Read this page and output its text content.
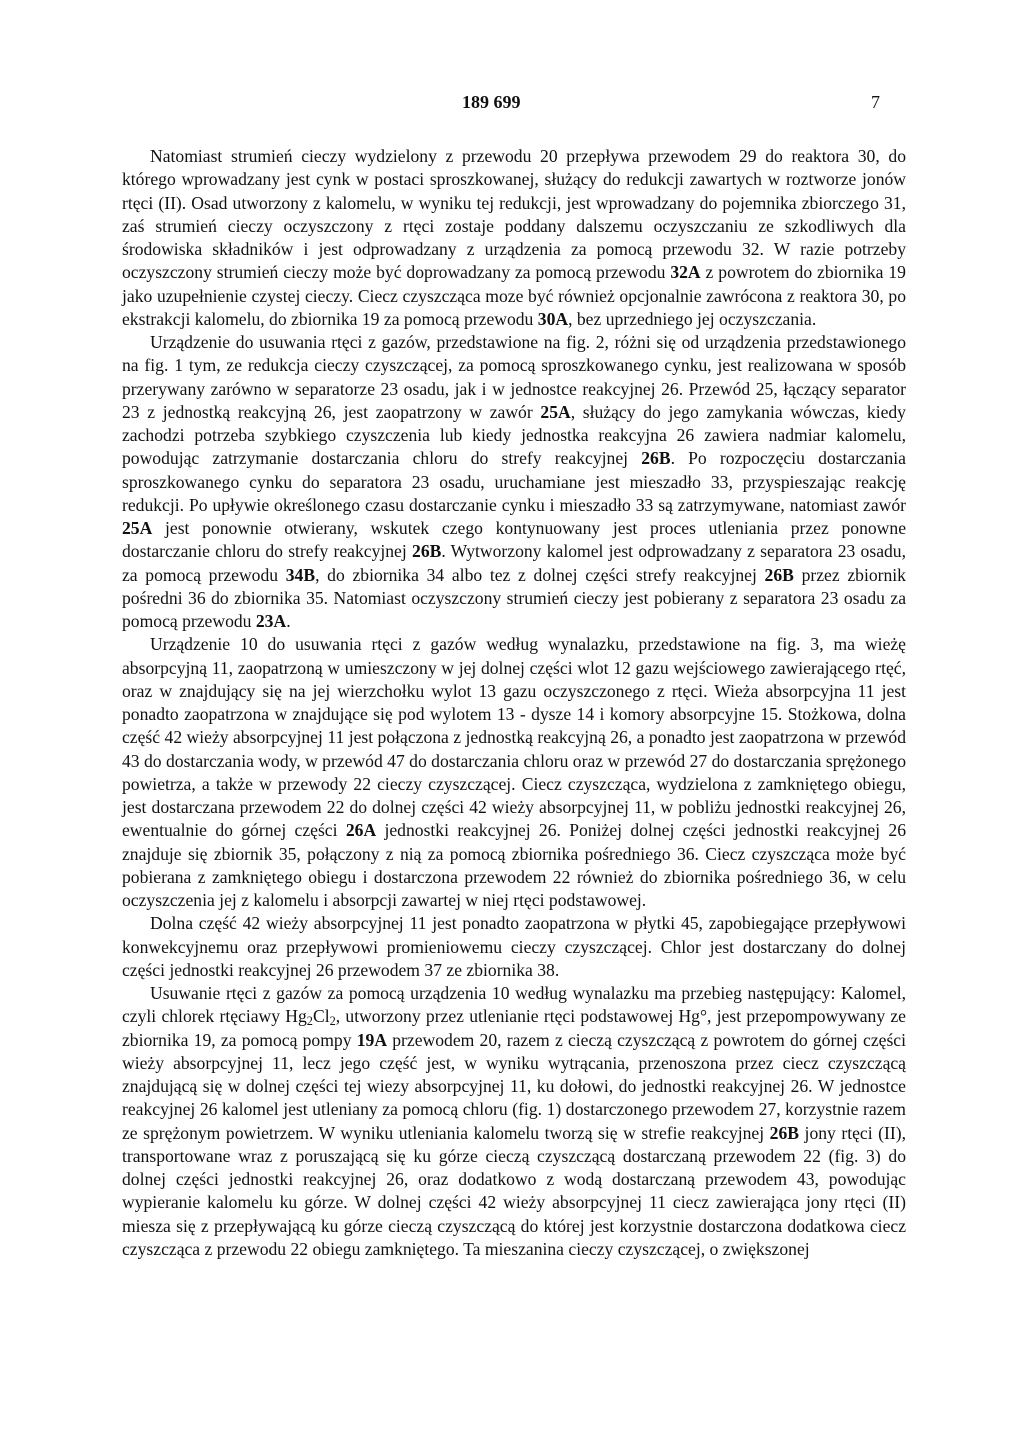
189 699	7

Natomiast strumień cieczy wydzielony z przewodu 20 przepływa przewodem 29 do reaktora 30, do którego wprowadzany jest cynk w postaci sproszkowanej, służący do redukcji zawartych w roztworze jonów rtęci (II). Osad utworzony z kalomelu, w wyniku tej redukcji, jest wprowadzany do pojemnika zbiorczego 31, zaś strumień cieczy oczyszczony z rtęci zostaje poddany dalszemu oczyszczaniu ze szkodliwych dla środowiska składników i jest odprowadzany z urządzenia za pomocą przewodu 32. W razie potrzeby oczyszczony strumień cieczy może być doprowadzany za pomocą przewodu 32A z powrotem do zbiornika 19 jako uzupełnienie czystej cieczy. Ciecz czyszcząca moze być również opcjonalnie zawrócona z reaktora 30, po ekstrakcji kalomelu, do zbiornika 19 za pomocą przewodu 30A, bez uprzedniego jej oczyszczania.

Urządzenie do usuwania rtęci z gazów, przedstawione na fig. 2, różni się od urządzenia przedstawionego na fig. 1 tym, ze redukcja cieczy czyszczącej, za pomocą sproszkowanego cynku, jest realizowana w sposób przerywany zarówno w separatorze 23 osadu, jak i w jednostce reakcyjnej 26. Przewód 25, łączący separator 23 z jednostką reakcyjną 26, jest zaopatrzony w zawór 25A, służący do jego zamykania wówczas, kiedy zachodzi potrzeba szybkiego czyszczenia lub kiedy jednostka reakcyjna 26 zawiera nadmiar kalomelu, powodując zatrzymanie dostarczania chloru do strefy reakcyjnej 26B. Po rozpoczęciu dostarczania sproszkowanego cynku do separatora 23 osadu, uruchamiane jest mieszadło 33, przyspieszając reakcję redukcji. Po upływie określonego czasu dostarczanie cynku i mieszadło 33 są zatrzymywane, natomiast zawór 25A jest ponownie otwierany, wskutek czego kontynuowany jest proces utleniania przez ponowne dostarczanie chloru do strefy reakcyjnej 26B. Wytworzony kalomel jest odprowadzany z separatora 23 osadu, za pomocą przewodu 34B, do zbiornika 34 albo tez z dolnej części strefy reakcyjnej 26B przez zbiornik pośredni 36 do zbiornika 35. Natomiast oczyszczony strumień cieczy jest pobierany z separatora 23 osadu za pomocą przewodu 23A.

Urządzenie 10 do usuwania rtęci z gazów według wynalazku, przedstawione na fig. 3, ma wieżę absorpcyjną 11, zaopatrzoną w umieszczony w jej dolnej części wlot 12 gazu wejściowego zawierającego rtęć, oraz w znajdujący się na jej wierzchołku wylot 13 gazu oczyszczonego z rtęci. Wieża absorpcyjna 11 jest ponadto zaopatrzona w znajdujące się pod wylotem 13 - dysze 14 i komory absorpcyjne 15. Stożkowa, dolna część 42 wieży absorpcyjnej 11 jest połączona z jednostką reakcyjną 26, a ponadto jest zaopatrzona w przewód 43 do dostarczania wody, w przewód 47 do dostarczania chloru oraz w przewód 27 do dostarczania sprężonego powietrza, a także w przewody 22 cieczy czyszczącej. Ciecz czyszcząca, wydzielona z zamkniętego obiegu, jest dostarczana przewodem 22 do dolnej części 42 wieży absorpcyjnej 11, w pobliżu jednostki reakcyjnej 26, ewentualnie do górnej części 26A jednostki reakcyjnej 26. Poniżej dolnej części jednostki reakcyjnej 26 znajduje się zbiornik 35, połączony z nią za pomocą zbiornika pośredniego 36. Ciecz czyszcząca może być pobierana z zamkniętego obiegu i dostarczona przewodem 22 również do zbiornika pośredniego 36, w celu oczyszczenia jej z kalomelu i absorpcji zawartej w niej rtęci podstawowej.

Dolna część 42 wieży absorpcyjnej 11 jest ponadto zaopatrzona w płytki 45, zapobiegające przepływowi konwekcyjnemu oraz przepływowi promieniowemu cieczy czyszczącej. Chlor jest dostarczany do dolnej części jednostki reakcyjnej 26 przewodem 37 ze zbiornika 38.

Usuwanie rtęci z gazów za pomocą urządzenia 10 według wynalazku ma przebieg następujący: Kalomel, czyli chlorek rtęciawy $Hg_2Cl_2$, utworzony przez utlenianie rtęci podstawowej Hg°, jest przepompowywany ze zbiornika 19, za pomocą pompy 19A przewodem 20, razem z cieczą czyszczącą z powrotem do górnej części wieży absorpcyjnej 11, lecz jego część jest, w wyniku wytrącania, przenoszona przez ciecz czyszczącą znajdującą się w dolnej części tej wiezy absorpcyjnej 11, ku dołowi, do jednostki reakcyjnej 26. W jednostce reakcyjnej 26 kalomel jest utleniany za pomocą chloru (fig. 1) dostarczonego przewodem 27, korzystnie razem ze sprężonym powietrzem. W wyniku utleniania kalomelu tworzą się w strefie reakcyjnej 26B jony rtęci (II), transportowane wraz z poruszającą się ku górze cieczą czyszczącą dostarczaną przewodem 22 (fig. 3) do dolnej części jednostki reakcyjnej 26, oraz dodatkowo z wodą dostarczaną przewodem 43, powodując wypieranie kalomelu ku górze. W dolnej części 42 wieży absorpcyjnej 11 ciecz zawierająca jony rtęci (II) miesza się z przepływającą ku górze cieczą czyszczącą do której jest korzystnie dostarczona dodatkowa ciecz czyszcząca z przewodu 22 obiegu zamkniętego. Ta mieszanina cieczy czyszczącej, o zwiększonej
